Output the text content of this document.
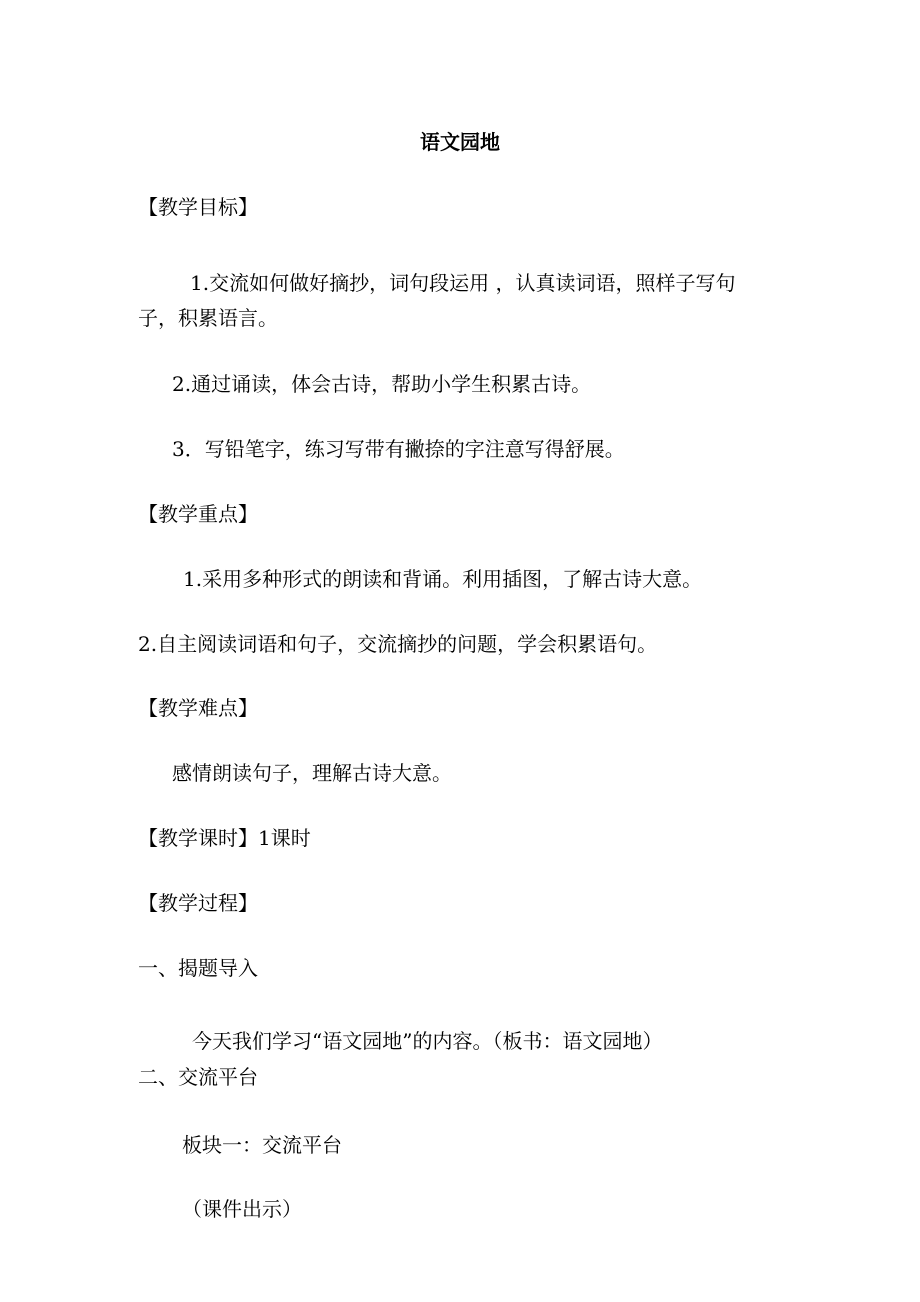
语文园地
【教学目标】
1.交流如何做好摘抄，词句段运用 ，认真读词语，照样子写句
子，积累语言。
2.通过诵读，体会古诗，帮助小学生积累古诗。
3．写铅笔字，练习写带有撇捺的字注意写得舒展。
【教学重点】
1.采用多种形式的朗读和背诵。利用插图，了解古诗大意。
2.自主阅读词语和句子，交流摘抄的问题，学会积累语句。
【教学难点】
感情朗读句子，理解古诗大意。
【教学课时】1课时
【教学过程】
一、揭题导入
今天我们学习“语文园地”的内容。（板书：语文园地）
二、交流平台
板块一：交流平台
（课件出示）
